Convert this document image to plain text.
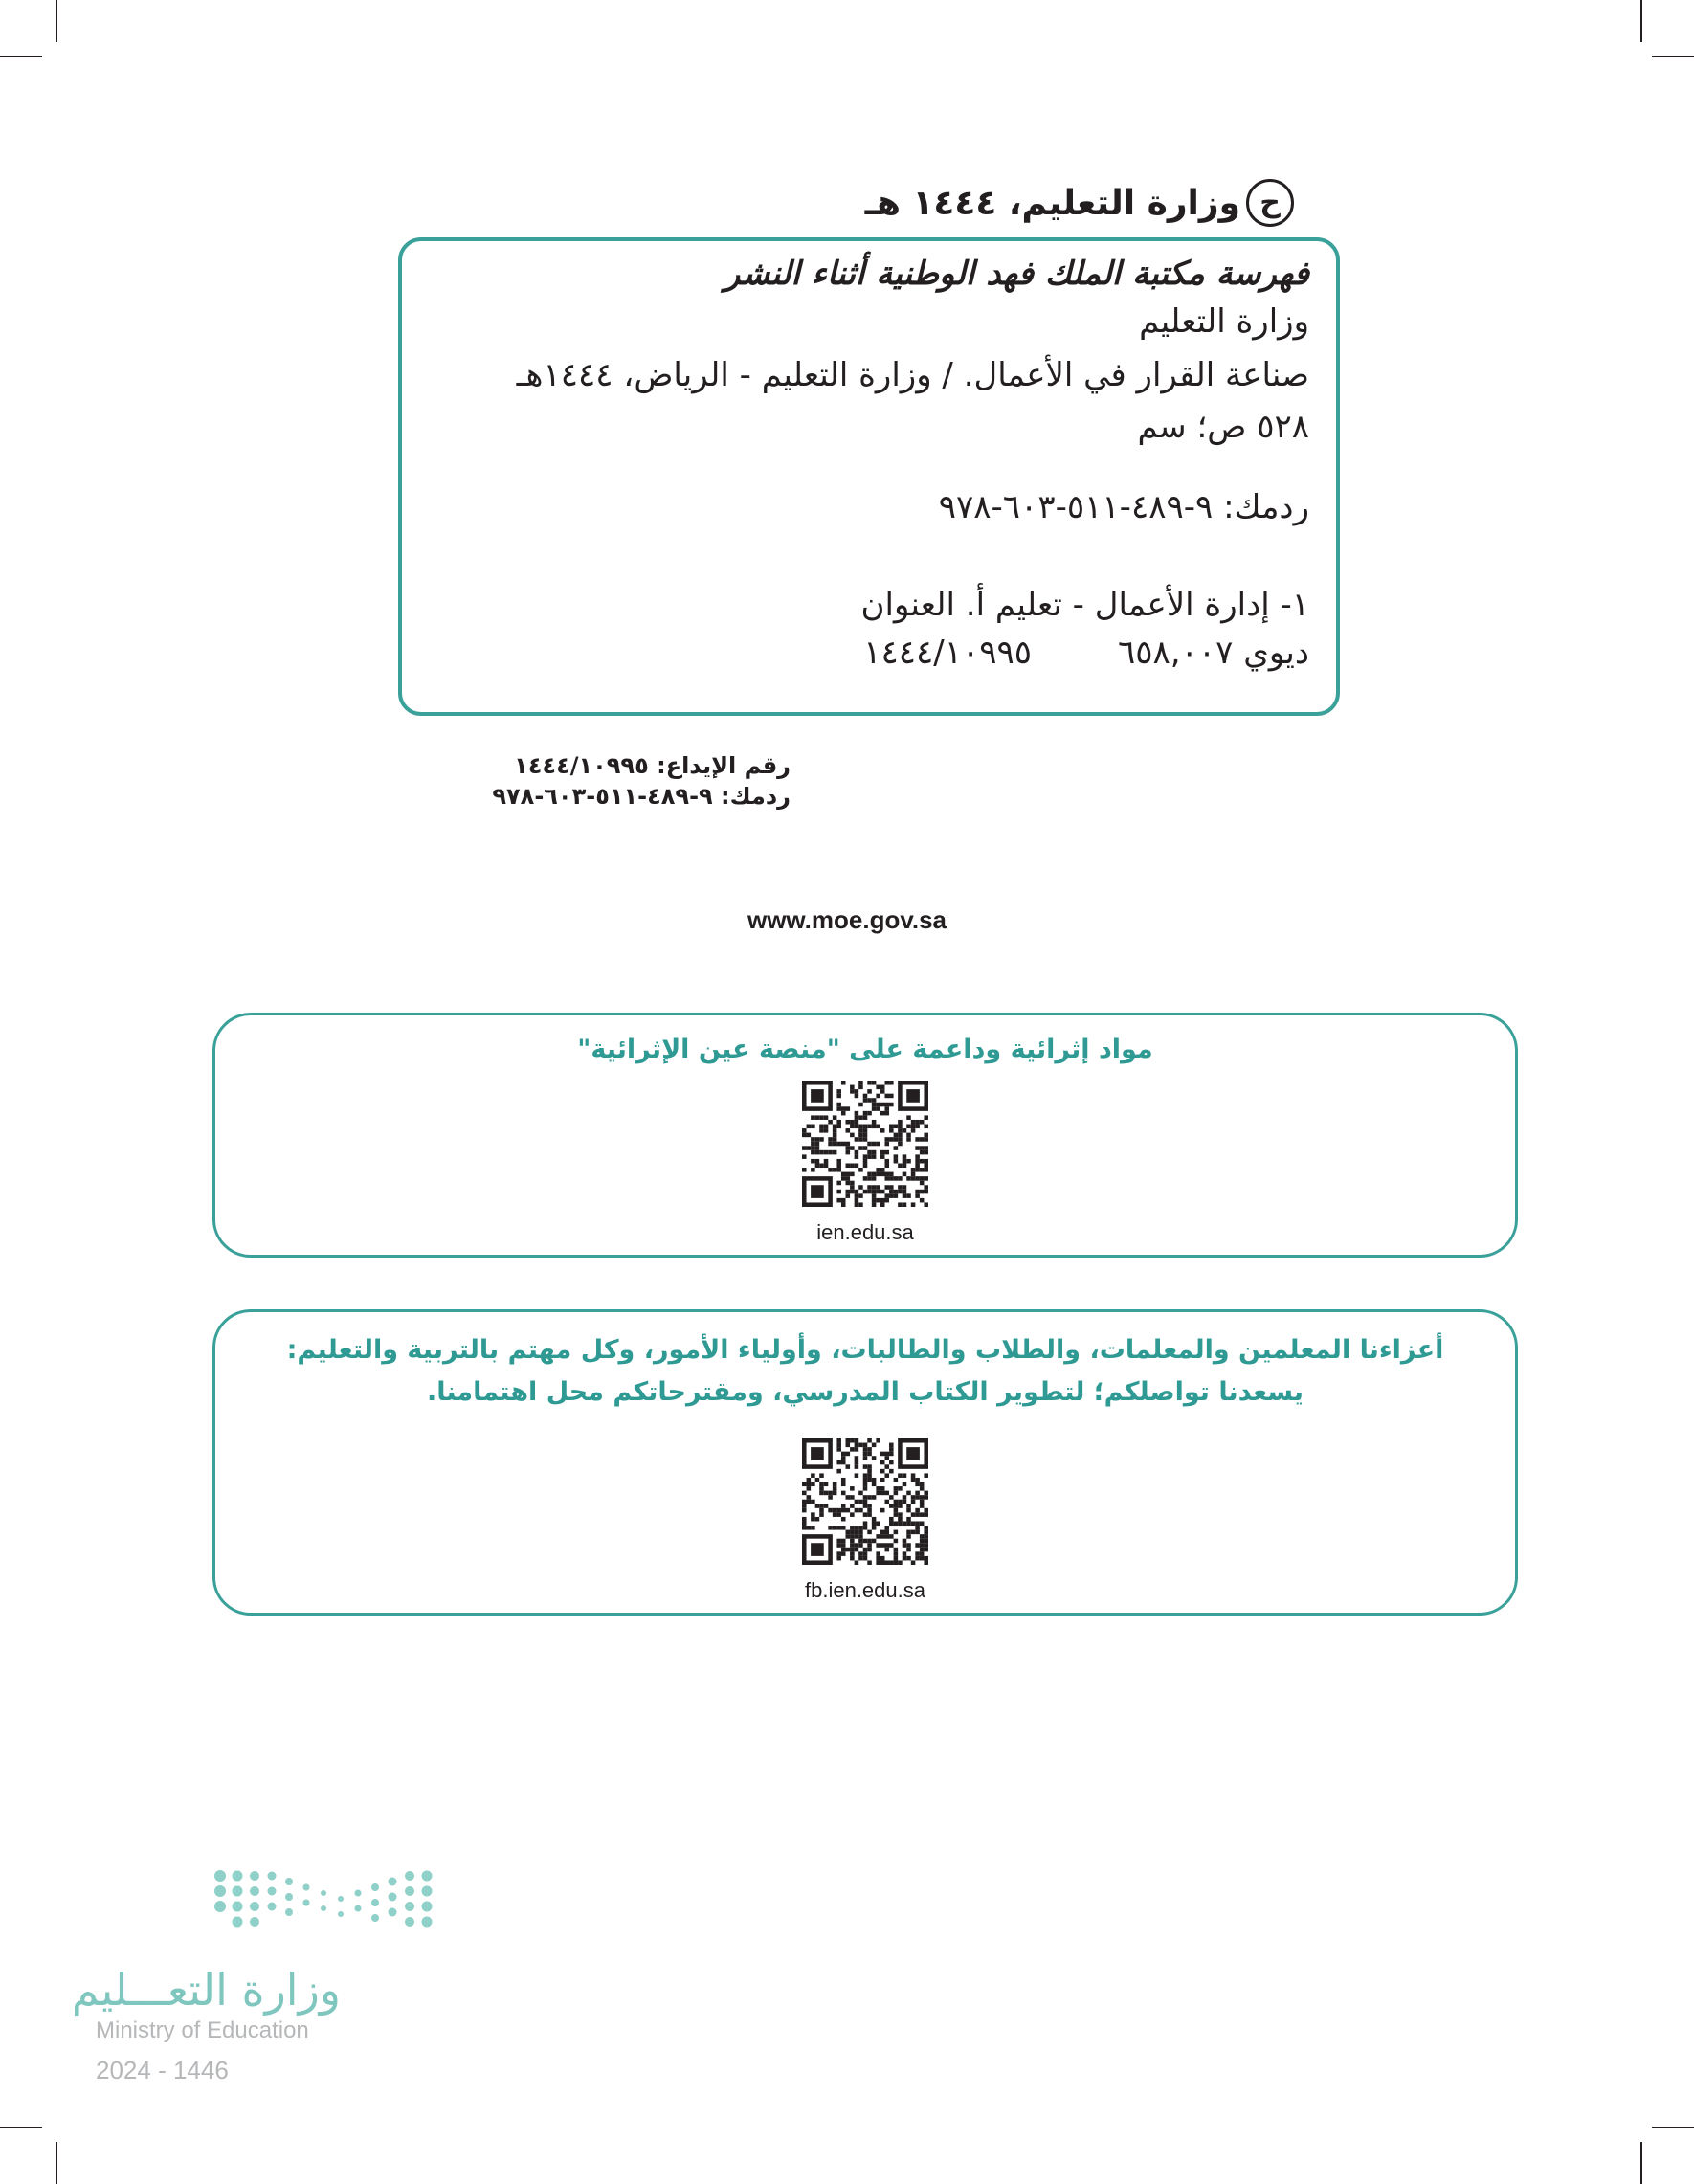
ح
وزارة التعليم، ١٤٤٤ هـ
فهرسة مكتبة الملك فهد الوطنية أثناء النشر
وزارة التعليم
صناعة القرار في الأعمال. / وزارة التعليم - الرياض، ١٤٤٤هـ
٥٢٨ ص؛ سم
ردمك: ٩-٤٨٩-٥١١-٦٠٣-٩٧٨
١- إدارة الأعمال - تعليم أ. العنوان
ديوي ٦٥٨,٠٠٧
١٤٤٤/١٠٩٩٥
رقم الإيداع: ١٤٤٤/١٠٩٩٥
ردمك: ٩-٤٨٩-٥١١-٦٠٣-٩٧٨
www.moe.gov.sa
مواد إثرائية وداعمة على "منصة عين الإثرائية"
ien.edu.sa
أعزاءنا المعلمين والمعلمات، والطلاب والطالبات، وأولياء الأمور، وكل مهتم بالتربية والتعليم:
يسعدنا تواصلكم؛ لتطوير الكتاب المدرسي، ومقترحاتكم محل اهتمامنا.
fb.ien.edu.sa
وزارة التعـــليم
Ministry of Education
2024 - 1446
